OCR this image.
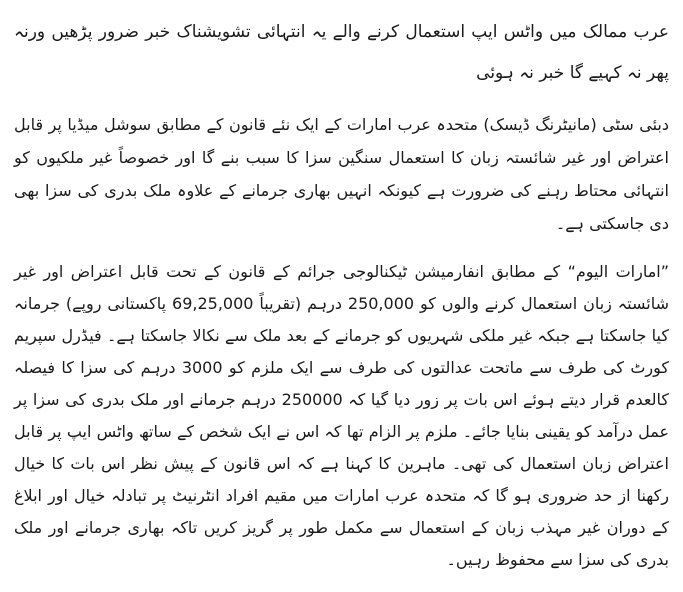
عرب ممالک میں واٹس ایپ استعمال کرنے والے یہ انتہائی تشویشناک خبر ضرور پڑھیں ورنہ پھر نہ کہیے گا خبر نہ ہوئی

دبئی سٹی (مانیٹرنگ ڈیسک) متحدہ عرب امارات کے ایک نئے قانون کے مطابق سوشل میڈیا پر قابل اعتراض اور غیر شائستہ زبان کا استعمال سنگین سزا کا سبب بنے گا اور خصوصاً غیر ملکیوں کو انتہائی محتاط رہنے کی ضرورت ہے کیونکہ انہیں بھاری جرمانے کے علاوہ ملک بدری کی سزا بھی دی جاسکتی ہے۔

”امارات الیوم“ کے مطابق انفارمیشن ٹیکنالوجی جرائم کے قانون کے تحت قابل اعتراض اور غیر شائستہ زبان استعمال کرنے والوں کو 250,000 درہم (تقریباً 69,25,000 پاکستانی روپے) جرمانہ کیا جاسکتا ہے جبکہ غیر ملکی شہریوں کو جرمانے کے بعد ملک سے نکالا جاسکتا ہے۔ فیڈرل سپریم کورٹ کی طرف سے ماتحت عدالتوں کی طرف سے ایک ملزم کو 3000 درہم کی سزا کا فیصلہ کالعدم قرار دیتے ہوئے اس بات پر زور دیا گیا کہ 250000 درہم جرمانے اور ملک بدری کی سزا پر عمل درآمد کو یقینی بنایا جائے۔ ملزم پر الزام تھا کہ اس نے ایک شخص کے ساتھ واٹس ایپ پر قابل اعتراض زبان استعمال کی تھی۔ ماہرین کا کہنا ہے کہ اس قانون کے پیش نظر اس بات کا خیال رکھنا از حد ضروری ہو گا کہ متحدہ عرب امارات میں مقیم افراد انٹرنیٹ پر تبادلہ خیال اور ابلاغ کے دوران غیر مہذب زبان کے استعمال سے مکمل طور پر گریز کریں تاکہ بھاری جرمانے اور ملک بدری کی سزا سے محفوظ رہیں۔
